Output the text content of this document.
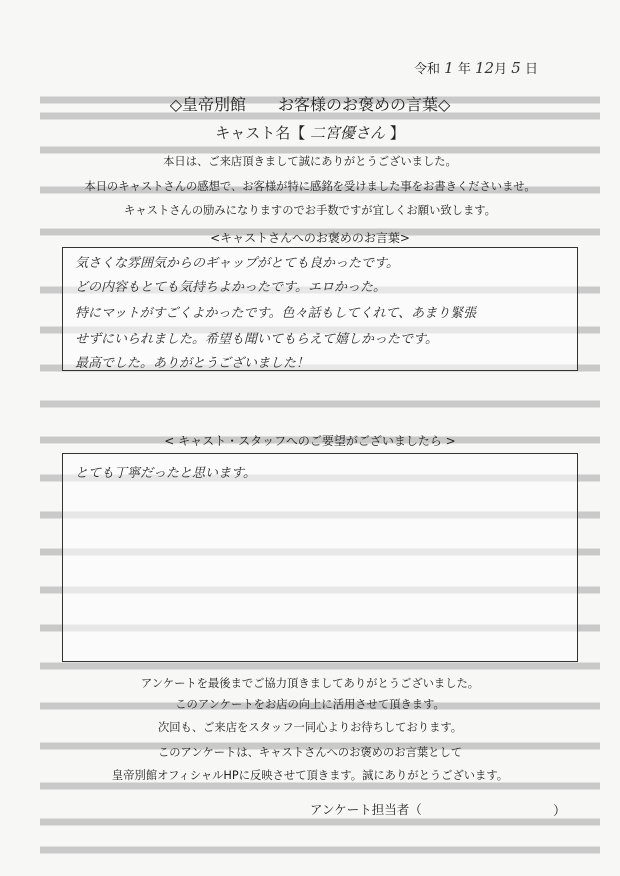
令和 1 年 12月 5 日
◇皇帝別館　　お客様のお褒めの言葉◇
キャスト名【 二宮優さん 】
本日は、ご来店頂きまして誠にありがとうございました。
本日のキャストさんの感想で、お客様が特に感銘を受けました事をお書きくださいませ。
キャストさんの励みになりますのでお手数ですが宜しくお願い致します。
<キャストさんへのお褒めのお言葉>
気さくな雰囲気からのギャップがとても良かったです。
どの内容もとても気持ちよかったです。エロかった。
特にマットがすごくよかったです。色々話もしてくれて、あまり緊張
せずにいられました。希望も聞いてもらえて嬉しかったです。
最高でした。ありがとうございました！
< キャスト・スタッフへのご要望がございましたら >
とても丁寧だったと思います。
アンケートを最後までご協力頂きましてありがとうございました。
このアンケートをお店の向上に活用させて頂きます。
次回も、ご来店をスタッフ一同心よりお待ちしております。
このアンケートは、キャストさんへのお褒めのお言葉として
皇帝別館オフィシャルHPに反映させて頂きます。誠にありがとうございます。
アンケート担当者（	）
